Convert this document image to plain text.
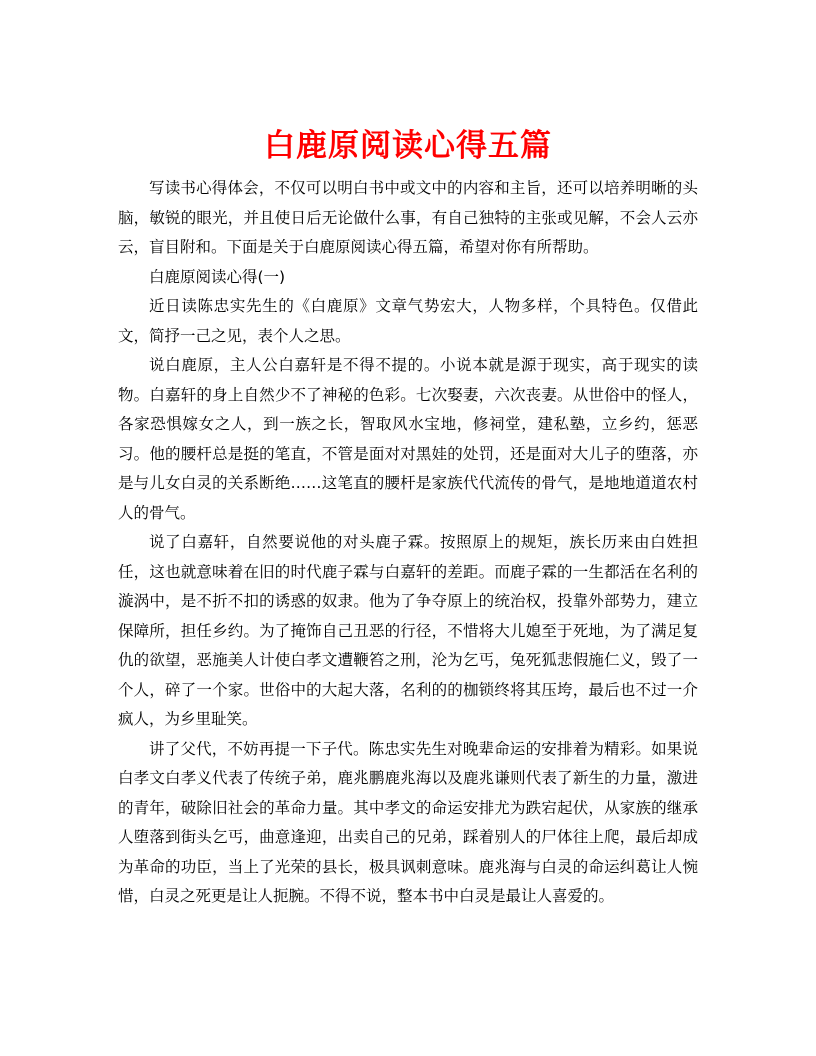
白鹿原阅读心得五篇

写读书心得体会，不仅可以明白书中或文中的内容和主旨，还可以培养明晰的头脑，敏锐的眼光，并且使日后无论做什么事，有自己独特的主张或见解，不会人云亦云，盲目附和。下面是关于白鹿原阅读心得五篇，希望对你有所帮助。

白鹿原阅读心得(一)

近日读陈忠实先生的《白鹿原》文章气势宏大，人物多样，个具特色。仅借此文，简抒一己之见，表个人之思。

说白鹿原，主人公白嘉轩是不得不提的。小说本就是源于现实，高于现实的读物。白嘉轩的身上自然少不了神秘的色彩。七次娶妻，六次丧妻。从世俗中的怪人，各家恐惧嫁女之人，到一族之长，智取风水宝地，修祠堂，建私塾，立乡约，惩恶习。他的腰杆总是挺的笔直，不管是面对对黑娃的处罚，还是面对大儿子的堕落，亦是与儿女白灵的关系断绝……这笔直的腰杆是家族代代流传的骨气，是地地道道农村人的骨气。

说了白嘉轩，自然要说他的对头鹿子霖。按照原上的规矩，族长历来由白姓担任，这也就意味着在旧的时代鹿子霖与白嘉轩的差距。而鹿子霖的一生都活在名利的漩涡中，是不折不扣的诱惑的奴隶。他为了争夺原上的统治权，投靠外部势力，建立保障所，担任乡约。为了掩饰自己丑恶的行径，不惜将大儿媳至于死地，为了满足复仇的欲望，恶施美人计使白孝文遭鞭笞之刑，沦为乞丐，兔死狐悲假施仁义，毁了一个人，碎了一个家。世俗中的大起大落，名利的的枷锁终将其压垮，最后也不过一介疯人，为乡里耻笑。

讲了父代，不妨再提一下子代。陈忠实先生对晚辈命运的安排着为精彩。如果说白孝文白孝义代表了传统子弟，鹿兆鹏鹿兆海以及鹿兆谦则代表了新生的力量，激进的青年，破除旧社会的革命力量。其中孝文的命运安排尤为跌宕起伏，从家族的继承人堕落到街头乞丐，曲意逢迎，出卖自己的兄弟，踩着别人的尸体往上爬，最后却成为革命的功臣，当上了光荣的县长，极具讽刺意味。鹿兆海与白灵的命运纠葛让人惋惜，白灵之死更是让人扼腕。不得不说，整本书中白灵是最让人喜爱的。
